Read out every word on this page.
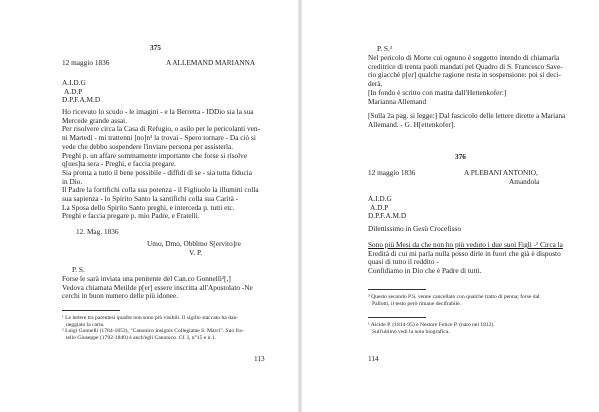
375
12 maggio 1836	A ALLEMAND MARIANNA
A.I.D.G
A.D.P
D.P.F.A.M.D
Ho ricevuto lo scudo - le imagini - e la Berretta - IDDio sia la sua
Mercede grande assai.
Per risolvere circa la Casa di Refugio, o asilo per le pericolanti ven-
ni Martedì - mi trattenni [no]n¹ la trovai - Spero tornare - Da ciò si
vede che debbo sospendere l'inviare persona per assisterla.
Preghi p. un affare sommamente importante che forse si risolve
q[ues]ta sera - Preghi, e faccia pregare.
Sia pronta a tutto il bene possibile - diffidi di se - sia tutta fiducia
in Dio.
Il Padre la fortifichi colla sua potenza - il Figliuolo la illumini colla
sua sapienza - lo Spirito Santo la santifichi colla sua Carità -
La Sposa dello Spirito Santo preghi, e interceda p. tutti etc.
Preghi e faccia pregare p. mio Padre, e Fratelli.
12. Mag. 1836
Umo, Dmo, Obblmo S[ervito]re
V. P.
P. S.
Forse le sarà inviata una penitente del Can.co Gonnelli²[,]
Vedova chiamata Metilde p[er] essere inscritta all'Apostolato -Ne
cerchi in buon numero delle più idonee.
¹ Le lettere tra parentesi quadre non sono più visibili. Il sigillo staccato ha dan-
neggiato la carta.
² Luigi Gonnelli (1784-1853), "Canonico insignis Collegiatae S. Marci". Suo fra-
tello Giuseppe (1792-1840) è anch'egli Canonico. Cf. I, n°15 e n.1.
113
P. S.³
Nel pericolo di Morte cui ognuno è soggetto intendo di chiamarla
creditrice di trenta paoli mandati pel Quadro di S. Francesco Save-
rio giacchè p[er] qualche ragione resta in sospensione: poi si deci-
derà.
[In fondo è scritto con matita dall'Hettenkofer:]
Marianna Allemand
[Sulla 2a pag. si legge:] Dal fascicolo delle lettere dirette a Mariana
Allemand. - G. H[ettenkofer].
376
12 maggio 1836	A PLEBANI ANTONIO,
Amandola
A.I.D.G
A.D.P
D.P.F.A.M.D
Dilettissimo in Gesù Crocefisso
Sono più Mesi da che non ho più veduto i due suoi Figli -¹ Circa la
Eredità di cui mi parla nulla posso dirle in fuori che già è disposto
quasi di tutto il reddito -
Confidiamo in Dio che è Padre di tutti.
³ Questo secondo P.S. venne cancellato con qualche tratto di penna; forse dal
Pallotti, il testo però rimane decifrabile.
¹ Alcide P. (1814-95) e Nestore Felice P. (nato nel 1812).
Sull'ultimo vedi la nota biografica.
114
